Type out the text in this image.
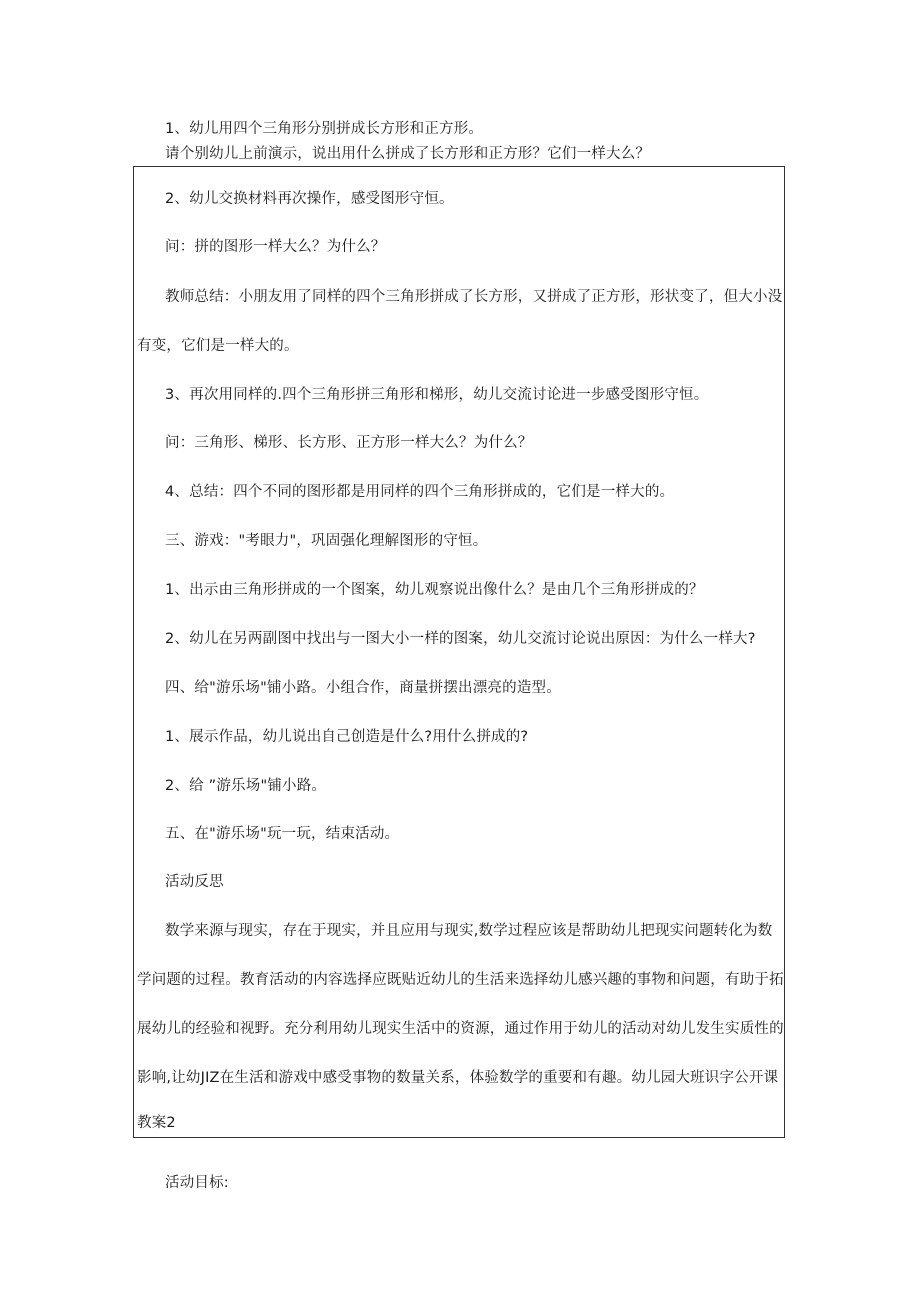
1、幼儿用四个三角形分别拼成长方形和正方形。
请个别幼儿上前演示，说出用什么拼成了长方形和正方形？它们一样大么？
2、幼儿交换材料再次操作，感受图形守恒。
问：拼的图形一样大么？为什么？
教师总结：小朋友用了同样的四个三角形拼成了长方形，又拼成了正方形，形状变了，但大小没
有变，它们是一样大的。
3、再次用同样的.四个三角形拼三角形和梯形，幼儿交流讨论进一步感受图形守恒。
问：三角形、梯形、长方形、正方形一样大么？为什么？
4、总结：四个不同的图形都是用同样的四个三角形拼成的，它们是一样大的。
三、游戏："考眼力"，巩固强化理解图形的守恒。
1、出示由三角形拼成的一个图案，幼儿观察说出像什么？是由几个三角形拼成的？
2、幼儿在另两副图中找出与一图大小一样的图案，幼儿交流讨论说出原因：为什么一样大?
四、给"游乐场"铺小路。小组合作，商量拼摆出漂亮的造型。
1、展示作品，幼儿说出自己创造是什么?用什么拼成的?
2、给 ”游乐场"铺小路。
五、在"游乐场"玩一玩，结束活动。
活动反思
数学来源与现实，存在于现实，并且应用与现实,数学过程应该是帮助幼儿把现实问题转化为数
学问题的过程。教育活动的内容选择应既贴近幼儿的生活来选择幼儿感兴趣的事物和问题，有助于拓
展幼儿的经验和视野。充分利用幼儿现实生活中的资源，通过作用于幼儿的活动对幼儿发生实质性的
影响,让幼JIZ在生活和游戏中感受事物的数量关系，体验数学的重要和有趣。幼儿园大班识字公开课
教案2
活动目标:
